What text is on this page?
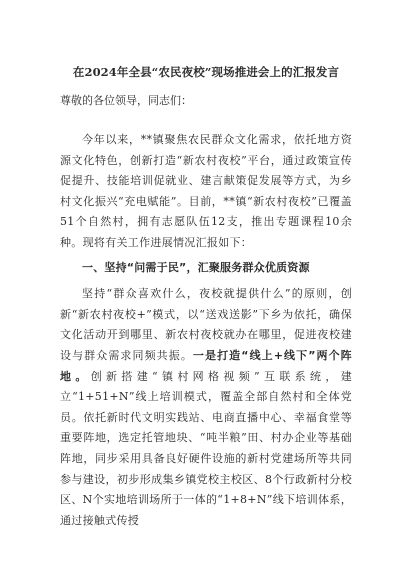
在2024年全县“农民夜校”现场推进会上的汇报发言
尊敬的各位领导，同志们：

今年以来，**镇聚焦农民群众文化需求，依托地方资源文化特色，创新打造“新农村夜校”平台，通过政策宣传促提升、技能培训促就业、建言献策促发展等方式，为乡村文化振兴“充电赋能”。目前，**镇“新农村夜校”已覆盖51个自然村，拥有志愿队伍12支，推出专题课程10余种。现将有关工作进展情况汇报如下：

一、坚持“问需于民”，汇聚服务群众优质资源

坚持“群众喜欢什么，夜校就提供什么”的原则，创新“新农村夜校+”模式，以“送戏送影”下乡为依托，确保文化活动开到哪里、新农村夜校就办在哪里，促进夜校建设与群众需求同频共振。一是打造“线上+线下”两个阵地。创新搭建“镇村网格视频”互联系统，建立“1+51+N”线上培训模式，覆盖全部自然村和全体党员。依托新时代文明实践站、电商直播中心、幸福食堂等重要阵地，选定托管地块、“吨半粮”田、村办企业等基础阵地，同步采用具备良好硬件设施的新村党建场所等共同参与建设，初步形成集乡镇党校主校区、8个行政新村分校区、N个实地培训场所于一体的“1+8+N”线下培训体系，通过接触式传授
